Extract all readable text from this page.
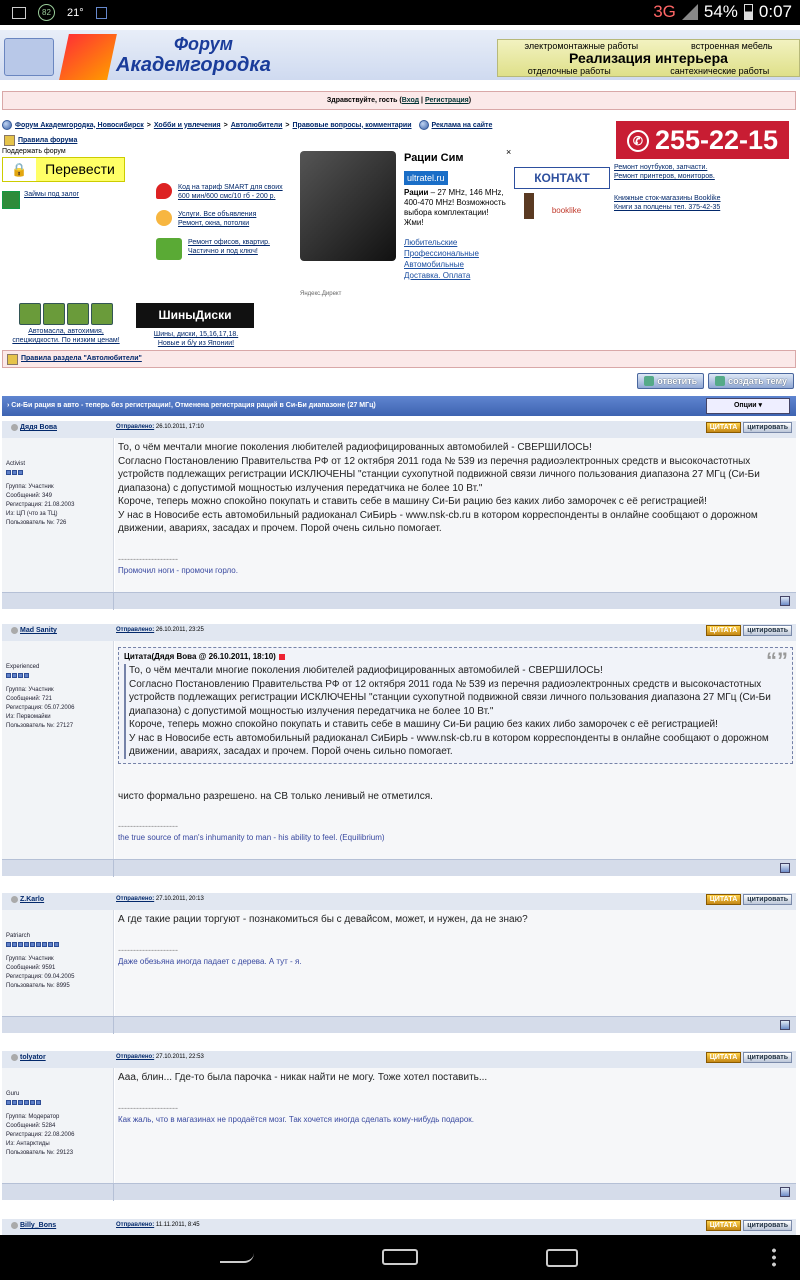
82	21°	3G 54% 0:07
Форум
Академгородка
электромонтажные работы	встроенная мебель
Реализация интерьера
отделочные работы	сантехнические работы
Здравствуйте, гость (Вход | Регистрация)
Форум Академгородка, Новосибирск > Хобби и увлечения > Автолюбители > Правовые вопросы, комментарии	Реклама на сайте
✆ 255-22-15
Правила форума
Поддержать форум
🔒	Перевести
Займы под залог
Код на тариф SMART для своих
600 мин/600 смс/10 гб - 200 р.
Услуги. Все объявления
Ремонт, окна, потолки
Ремонт офисов, квартир.
Частично и под ключ!
×
Рации Сим
ultratel.ru
Рации – 27 MHz, 146 MHz, 400-470 MHz! Возможность выбора комплектации! Жми!
Любительские
Профессиональные
Автомобильные
Доставка. Оплата
Яндекс.Директ
КОНТАКТ
booklike
Ремонт ноутбуков, запчасти.
Ремонт принтеров, мониторов.
Книжные сток-магазины Booklike
Книги за полцены тел. 375-42-35
Автомасла, автохимия,
спецжидкости. По низким ценам!
ШиныДиски
Шины, диски, 15,16,17,18.
Новые и б/у из Японии!
Правила раздела "Автолюбители"
ответить	создать тему
› Си-Би рация в авто - теперь без регистрации!, Отменена регистрация раций в Си-Би диапазоне (27 МГц)	Опции ▾
Дядя Вова	Отправлено: 26.10.2011, 17:10	ЦИТАТА	цитировать
Activist
Группа: Участник
Сообщений: 349
Регистрация: 21.08.2003
Из: ЦП (что за ТЦ)
Пользователь №: 726
То, о чём мечтали многие поколения любителей радиофицированных автомобилей - СВЕРШИЛОСЬ!
Согласно Постановлению Правительства РФ от 12 октября 2011 года № 539 из перечня радиоэлектронных средств и высокочастотных устройств подлежащих регистрации ИСКЛЮЧЕНЫ "станции сухопутной подвижной связи личного пользования диапазона 27 МГц (Си-Би диапазона) с допустимой мощностью излучения передатчика не более 10 Вт."
Короче, теперь можно спокойно покупать и ставить себе в машину Си-Би рацию без каких либо заморочек с её регистрацией!
У нас в Новосибе есть автомобильный радиоканал СиБирЬ - www.nsk-cb.ru в котором корреспонденты в онлайне сообщают о дорожном движении, авариях, засадах и прочем. Порой очень сильно помогает.
--------------------
Промочил ноги - промочи горло.
Mad Sanity	Отправлено: 26.10.2011, 23:25	ЦИТАТА	цитировать
Experienced
Группа: Участник
Сообщений: 721
Регистрация: 05.07.2006
Из: Первомайки
Пользователь №: 27127
Цитата(Дядя Вова @ 26.10.2011, 18:10)	“”
То, о чём мечтали многие поколения любителей радиофицированных автомобилей - СВЕРШИЛОСЬ!
Согласно Постановлению Правительства РФ от 12 октября 2011 года № 539 из перечня радиоэлектронных средств и высокочастотных устройств подлежащих регистрации ИСКЛЮЧЕНЫ "станции сухопутной подвижной связи личного пользования диапазона 27 МГц (Си-Би диапазона) с допустимой мощностью излучения передатчика не более 10 Вт."
Короче, теперь можно спокойно покупать и ставить себе в машину Си-Би рацию без каких либо заморочек с её регистрацией!
У нас в Новосибе есть автомобильный радиоканал СиБирЬ - www.nsk-cb.ru в котором корреспонденты в онлайне сообщают о дорожном движении, авариях, засадах и прочем. Порой очень сильно помогает.
чисто формально разрешено. на СВ только ленивый не отметился.
--------------------
the true source of man's inhumanity to man - his ability to feel. (Equilibrium)
Z.Karlo	Отправлено: 27.10.2011, 20:13	ЦИТАТА	цитировать
Patriarch
Группа: Участник
Сообщений: 9591
Регистрация: 09.04.2005
Пользователь №: 8995
А где такие рации торгуют - познакомиться бы с девайсом, может, и нужен, да не знаю?
--------------------
Даже обезьяна иногда падает с дерева. А тут - я.
tolyator	Отправлено: 27.10.2011, 22:53	ЦИТАТА	цитировать
Guru
Группа: Модератор
Сообщений: 5284
Регистрация: 22.08.2006
Из: Антарктиды
Пользователь №: 29123
Ааа, блин... Где-то была парочка - никак найти не могу. Тоже хотел поставить...
--------------------
Как жаль, что в магазинах не продаётся мозг. Так хочется иногда сделать кому-нибудь подарок.
Billy_Bons	Отправлено: 11.11.2011, 8:45	ЦИТАТА	цитировать
